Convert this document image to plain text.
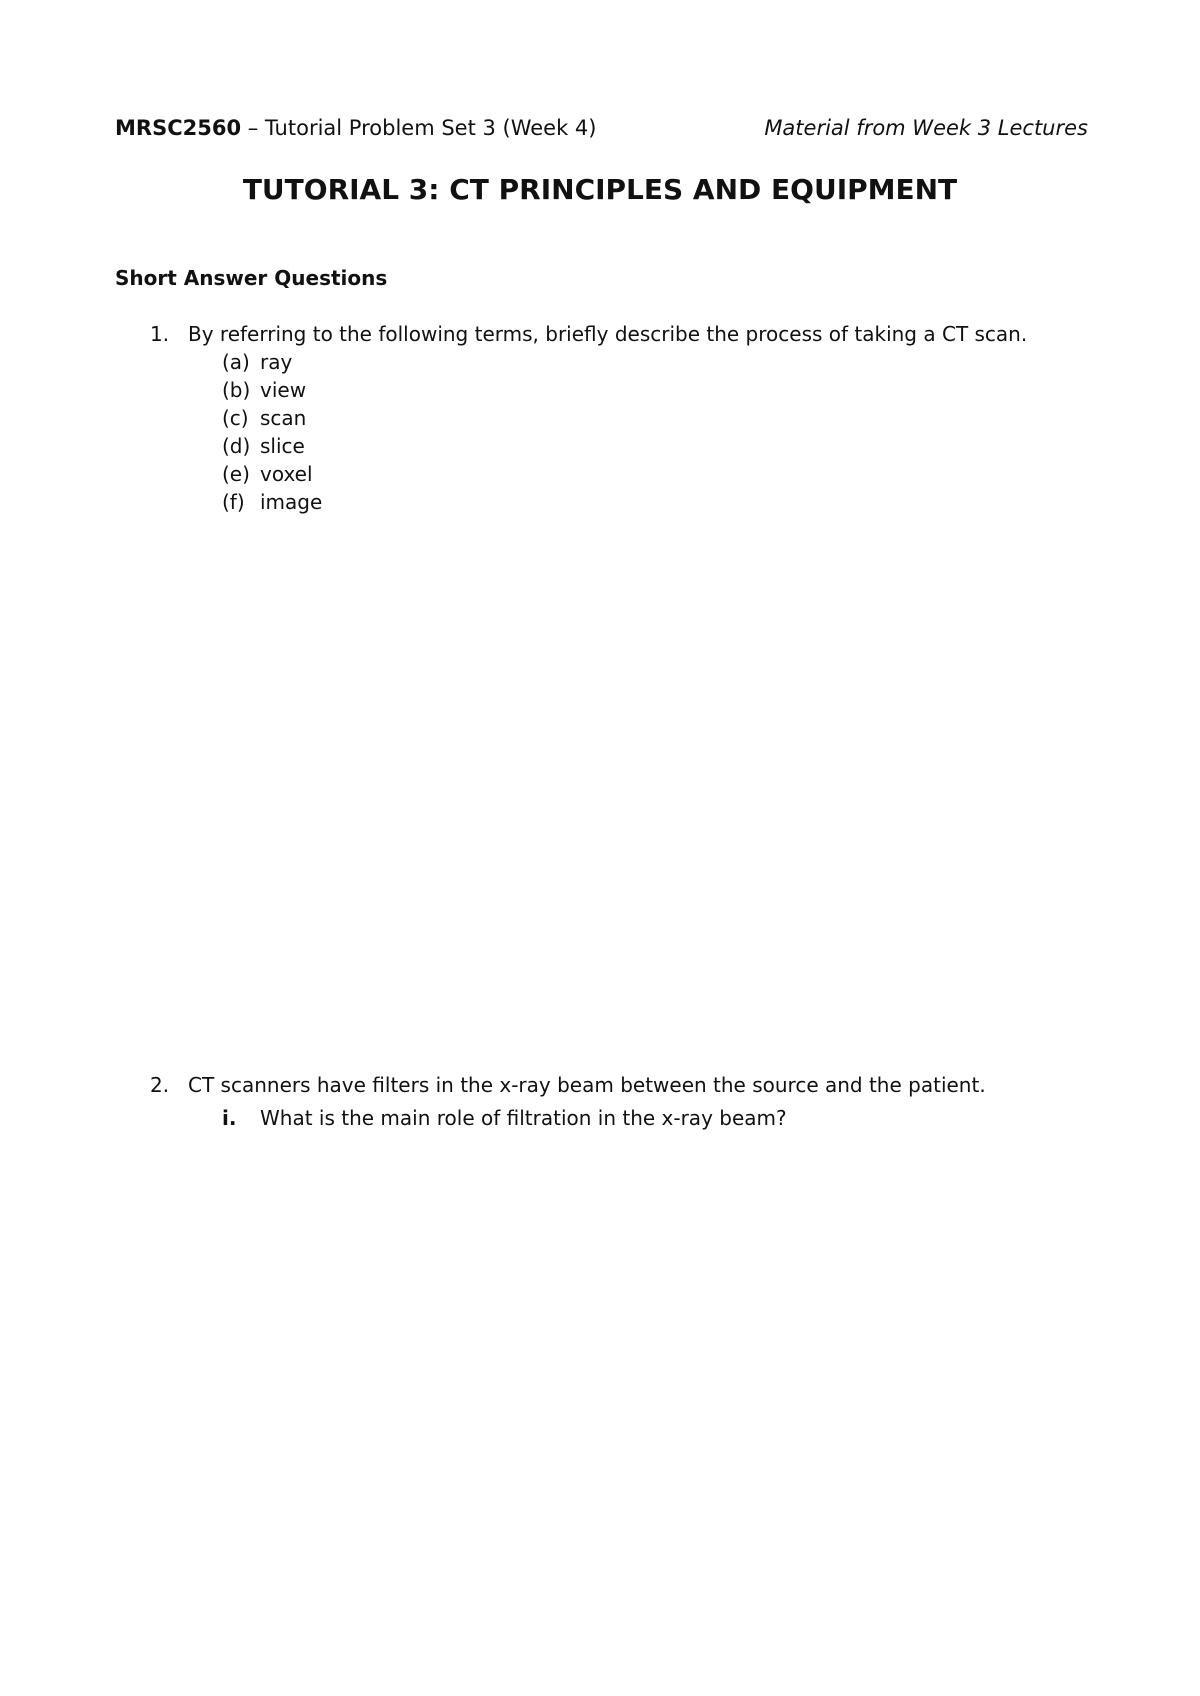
MRSC2560 – Tutorial Problem Set 3 (Week 4)	Material from Week 3 Lectures
TUTORIAL 3: CT PRINCIPLES AND EQUIPMENT
Short Answer Questions
1. By referring to the following terms, briefly describe the process of taking a CT scan.
(a) ray
(b) view
(c) scan
(d) slice
(e) voxel
(f) image
2. CT scanners have filters in the x-ray beam between the source and the patient.
i. What is the main role of filtration in the x-ray beam?
